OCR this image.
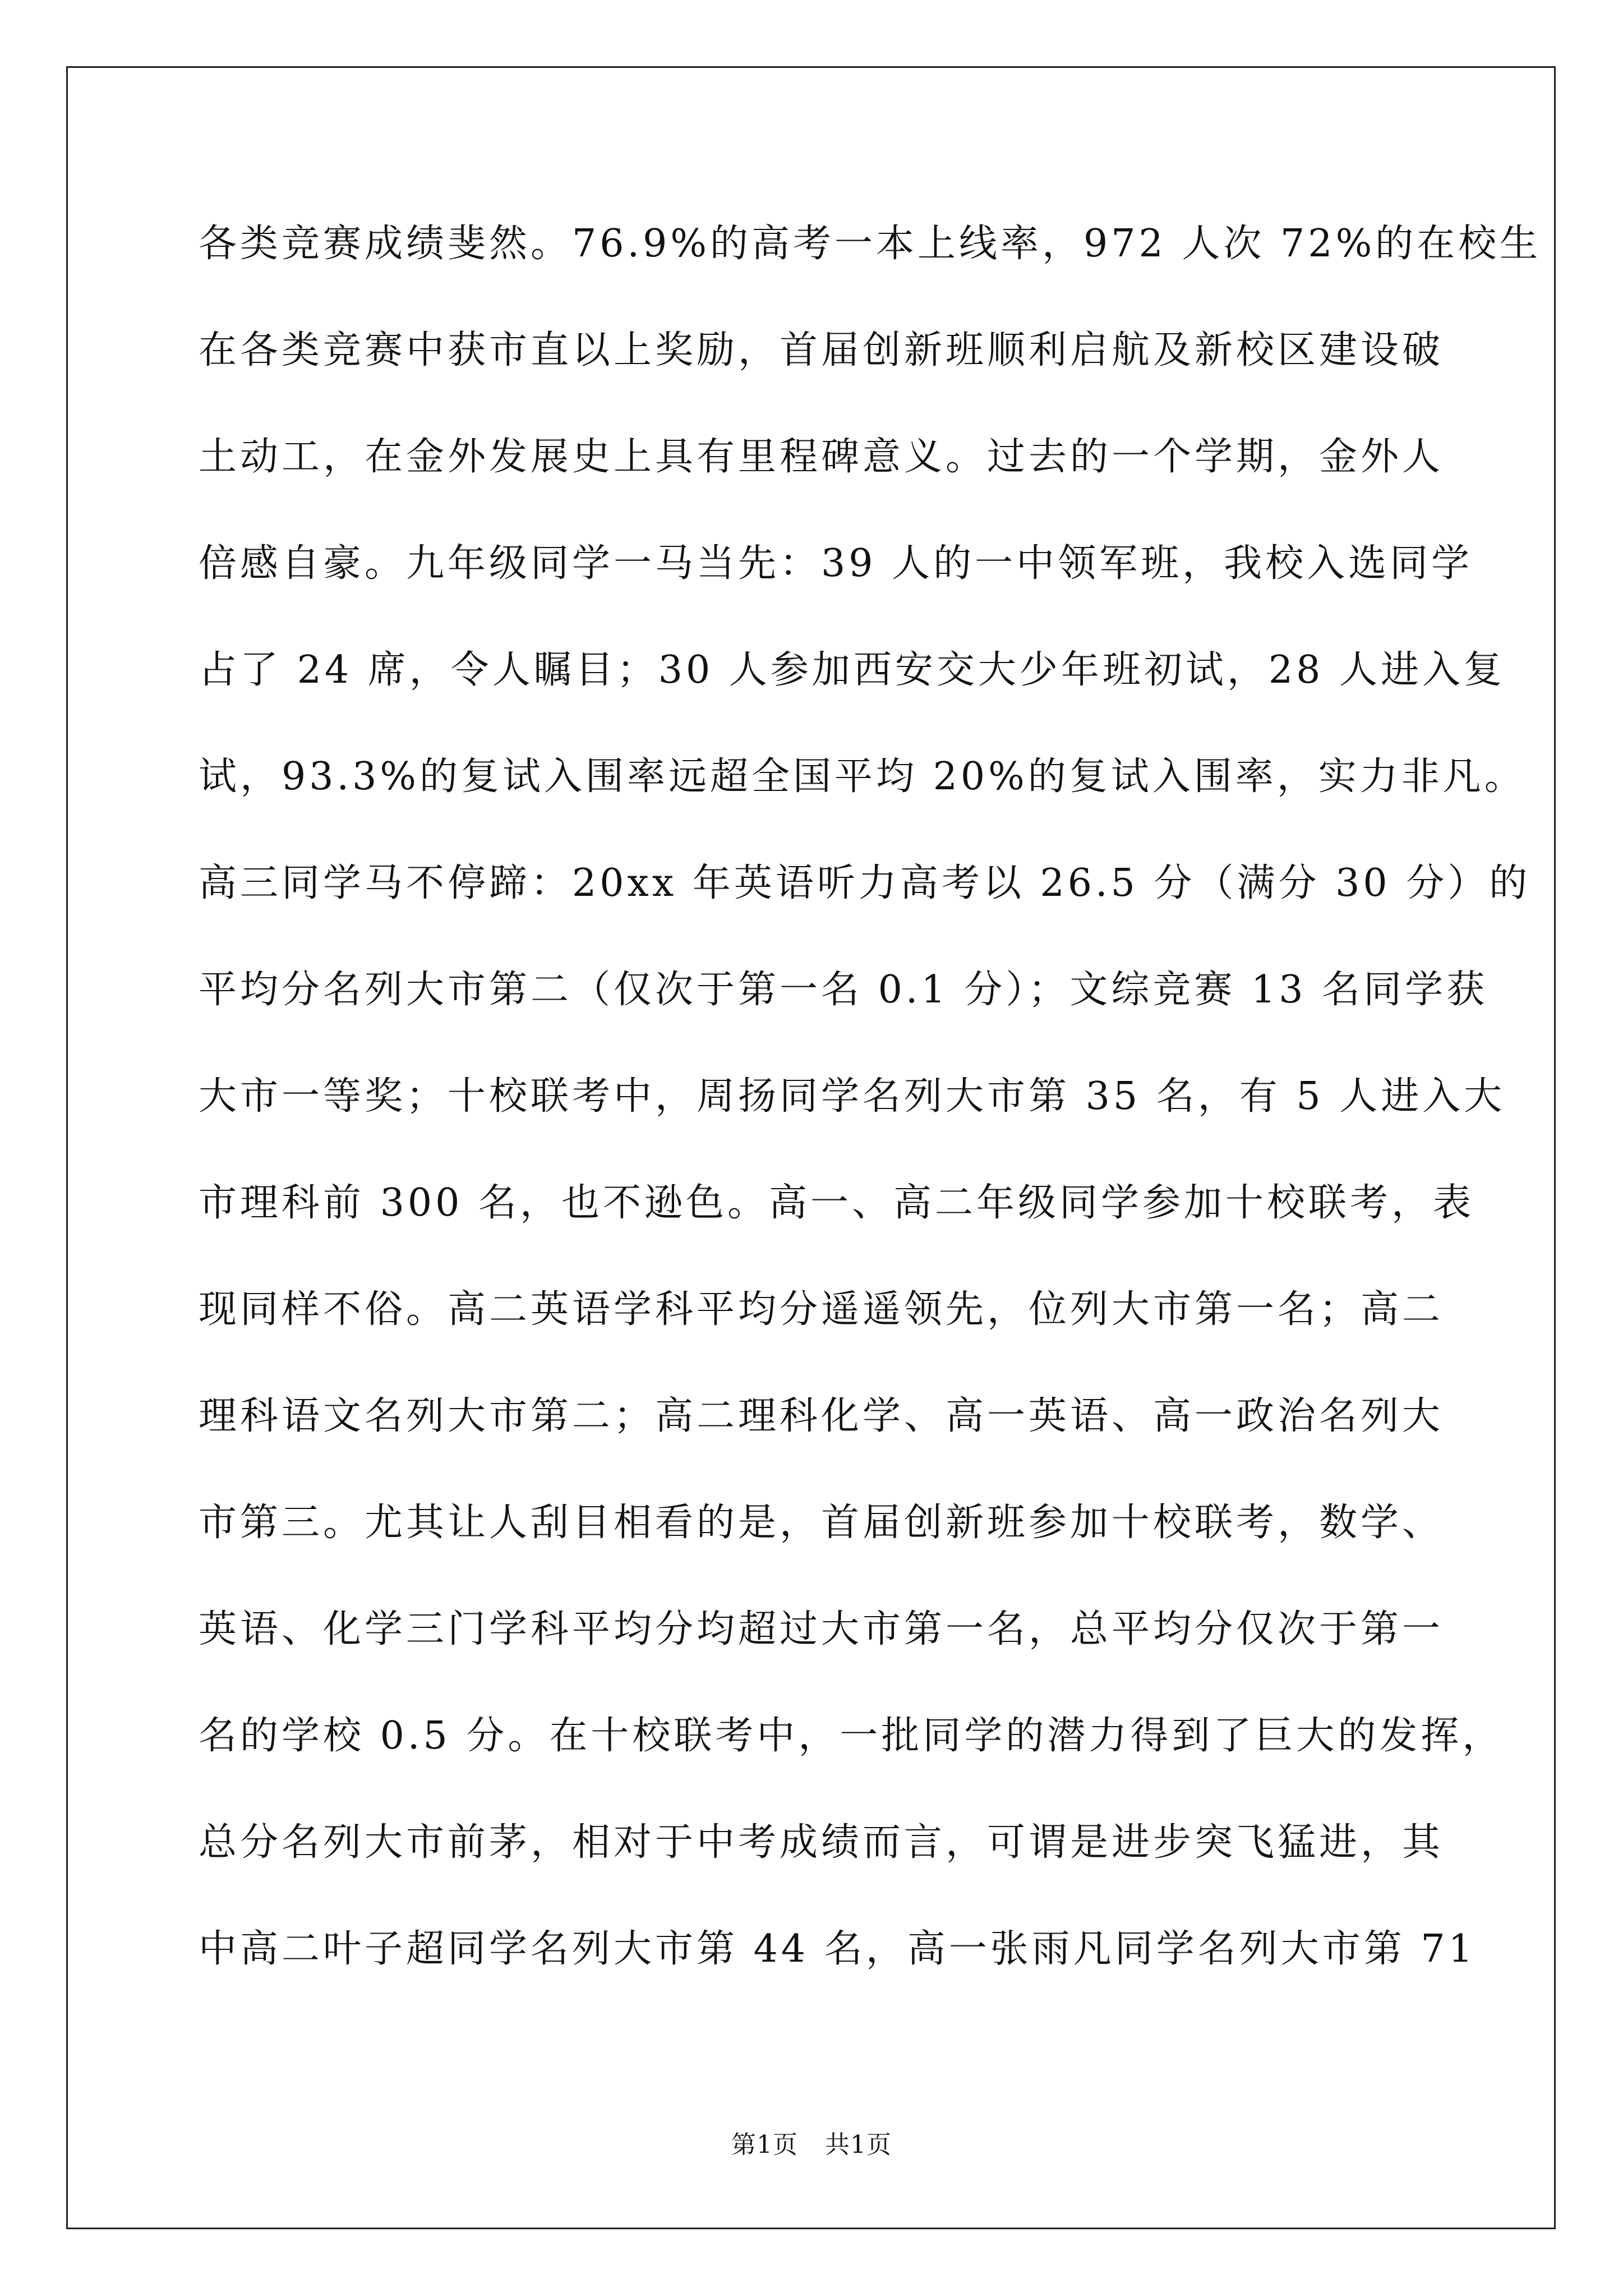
各类竞赛成绩斐然。76.9%的高考一本上线率，972 人次 72%的在校生
在各类竞赛中获市直以上奖励，首届创新班顺利启航及新校区建设破
土动工，在金外发展史上具有里程碑意义。过去的一个学期，金外人
倍感自豪。九年级同学一马当先：39 人的一中领军班，我校入选同学
占了 24 席，令人瞩目；30 人参加西安交大少年班初试，28 人进入复
试，93.3%的复试入围率远超全国平均 20%的复试入围率，实力非凡。
高三同学马不停蹄：20xx 年英语听力高考以 26.5 分（满分 30 分）的
平均分名列大市第二（仅次于第一名 0.1 分）；文综竞赛 13 名同学获
大市一等奖；十校联考中，周扬同学名列大市第 35 名，有 5 人进入大
市理科前 300 名，也不逊色。高一、高二年级同学参加十校联考，表
现同样不俗。高二英语学科平均分遥遥领先，位列大市第一名；高二
理科语文名列大市第二；高二理科化学、高一英语、高一政治名列大
市第三。尤其让人刮目相看的是，首届创新班参加十校联考，数学、
英语、化学三门学科平均分均超过大市第一名，总平均分仅次于第一
名的学校 0.5 分。在十校联考中，一批同学的潜力得到了巨大的发挥，
总分名列大市前茅，相对于中考成绩而言，可谓是进步突飞猛进，其
中高二叶子超同学名列大市第 44 名，高一张雨凡同学名列大市第 71
第1页 共1页
